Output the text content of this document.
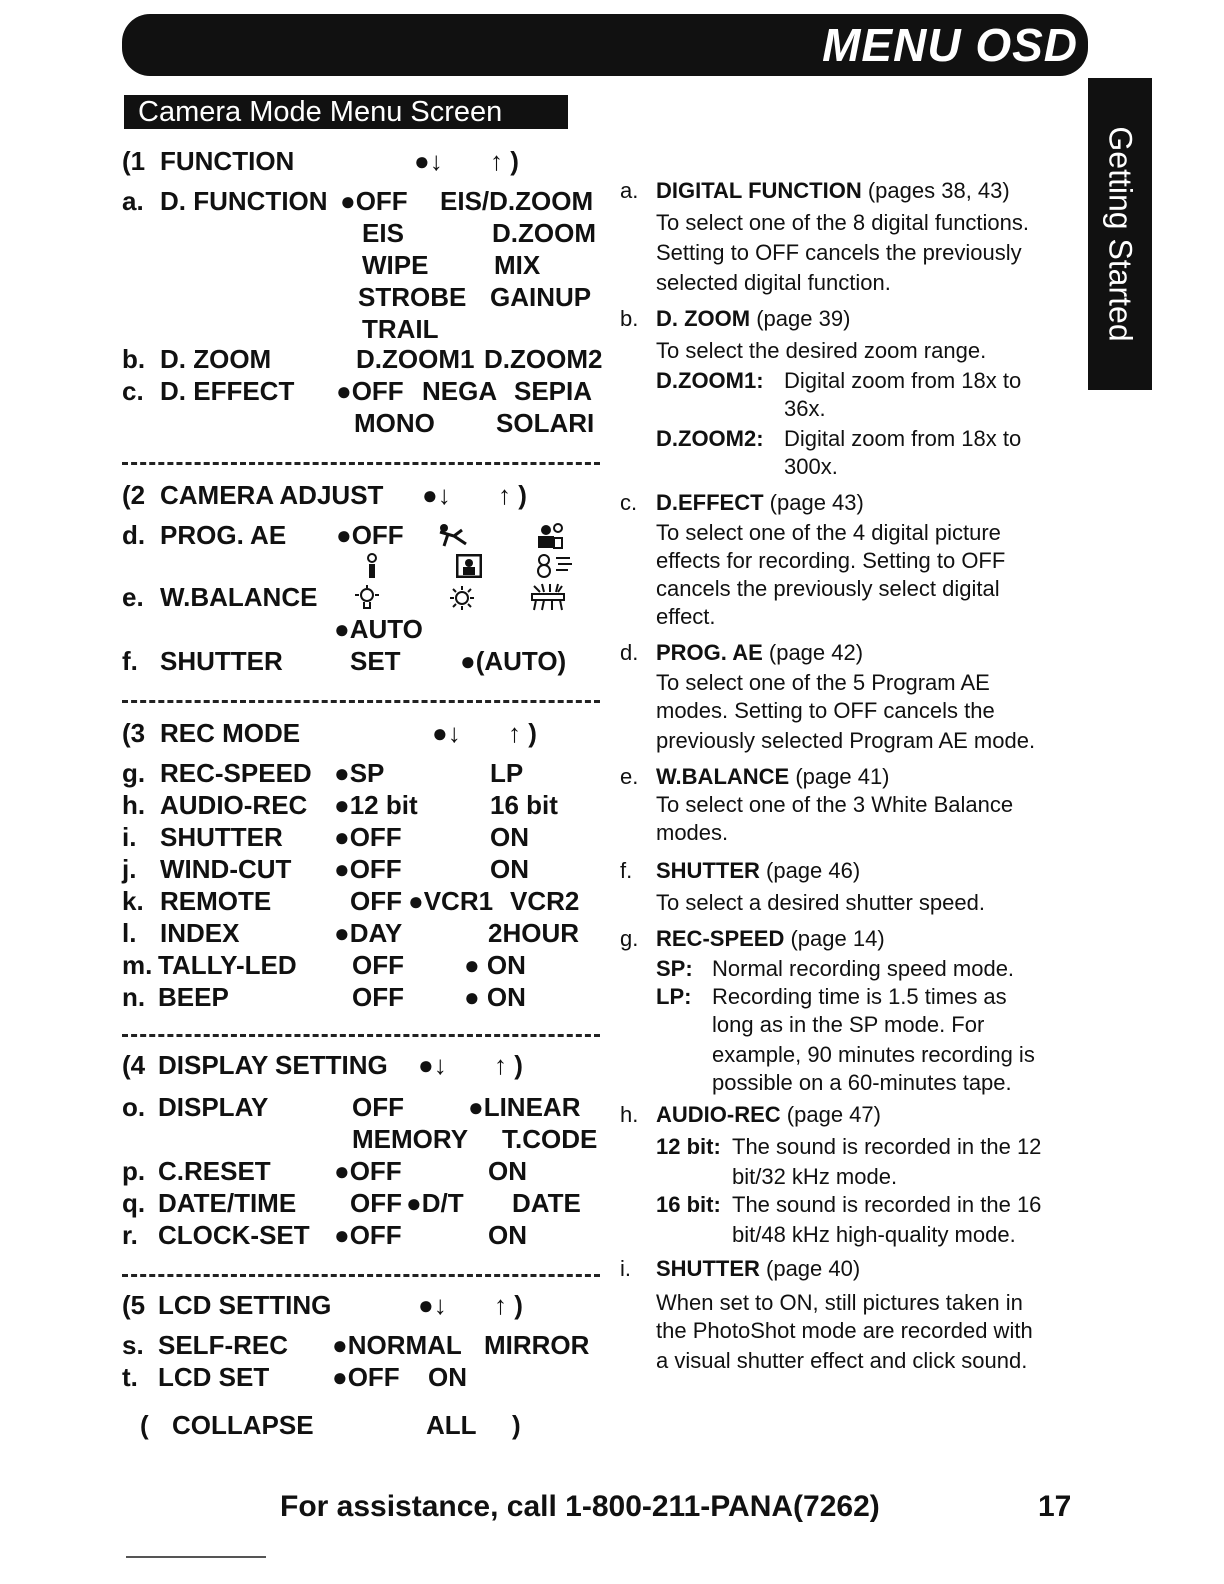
MENU OSD
Getting Started
Camera Mode Menu Screen
(1 FUNCTION	●↓ ↑ )
a. D. FUNCTION ●OFF EIS/D.ZOOM
EIS	D.ZOOM
WIPE	MIX
STROBE GAINUP
TRAIL
b. D. ZOOM	D.ZOOM1 D.ZOOM2
c. D. EFFECT ●OFF NEGA SEPIA
MONO SOLARI
(2 CAMERA ADJUST ●↓ ↑ )
d. PROG. AE ●OFF
e. W.BALANCE
●AUTO
f. SHUTTER	SET ●(AUTO)
(3 REC MODE	●↓ ↑ )
g. REC-SPEED ●SP	LP
h. AUDIO-REC ●12 bit	16 bit
i. SHUTTER ●OFF	ON
j. WIND-CUT ●OFF	ON
k. REMOTE	OFF ●VCR1 VCR2
l. INDEX	●DAY	2HOUR
m. TALLY-LED OFF ● ON
n. BEEP	OFF ● ON
(4 DISPLAY SETTING ●↓ ↑ )
o. DISPLAY	OFF ●LINEAR
MEMORY T.CODE
p. C.RESET ●OFF	ON
q. DATE/TIME OFF ●D/T DATE
r. CLOCK-SET ●OFF	ON
(5 LCD SETTING	●↓ ↑ )
s. SELF-REC ●NORMAL MIRROR
t. LCD SET ●OFF ON
( COLLAPSE	ALL )
a. DIGITAL FUNCTION (pages 38, 43)
To select one of the 8 digital functions.
Setting to OFF cancels the previously
selected digital function.
b. D. ZOOM (page 39)
To select the desired zoom range.
D.ZOOM1: Digital zoom from 18x to
36x.
D.ZOOM2: Digital zoom from 18x to
300x.
c. D.EFFECT (page 43)
To select one of the 4 digital picture
effects for recording. Setting to OFF
cancels the previously select digital
effect.
d. PROG. AE (page 42)
To select one of the 5 Program AE
modes. Setting to OFF cancels the
previously selected Program AE mode.
e. W.BALANCE (page 41)
To select one of the 3 White Balance
modes.
f. SHUTTER (page 46)
To select a desired shutter speed.
g. REC-SPEED (page 14)
SP: Normal recording speed mode.
LP: Recording time is 1.5 times as
long as in the SP mode. For
example, 90 minutes recording is
possible on a 60-minutes tape.
h. AUDIO-REC (page 47)
12 bit: The sound is recorded in the 12
bit/32 kHz mode.
16 bit: The sound is recorded in the 16
bit/48 kHz high-quality mode.
i. SHUTTER (page 40)
When set to ON, still pictures taken in
the PhotoShot mode are recorded with
a visual shutter effect and click sound.
For assistance, call 1-800-211-PANA(7262)	17
